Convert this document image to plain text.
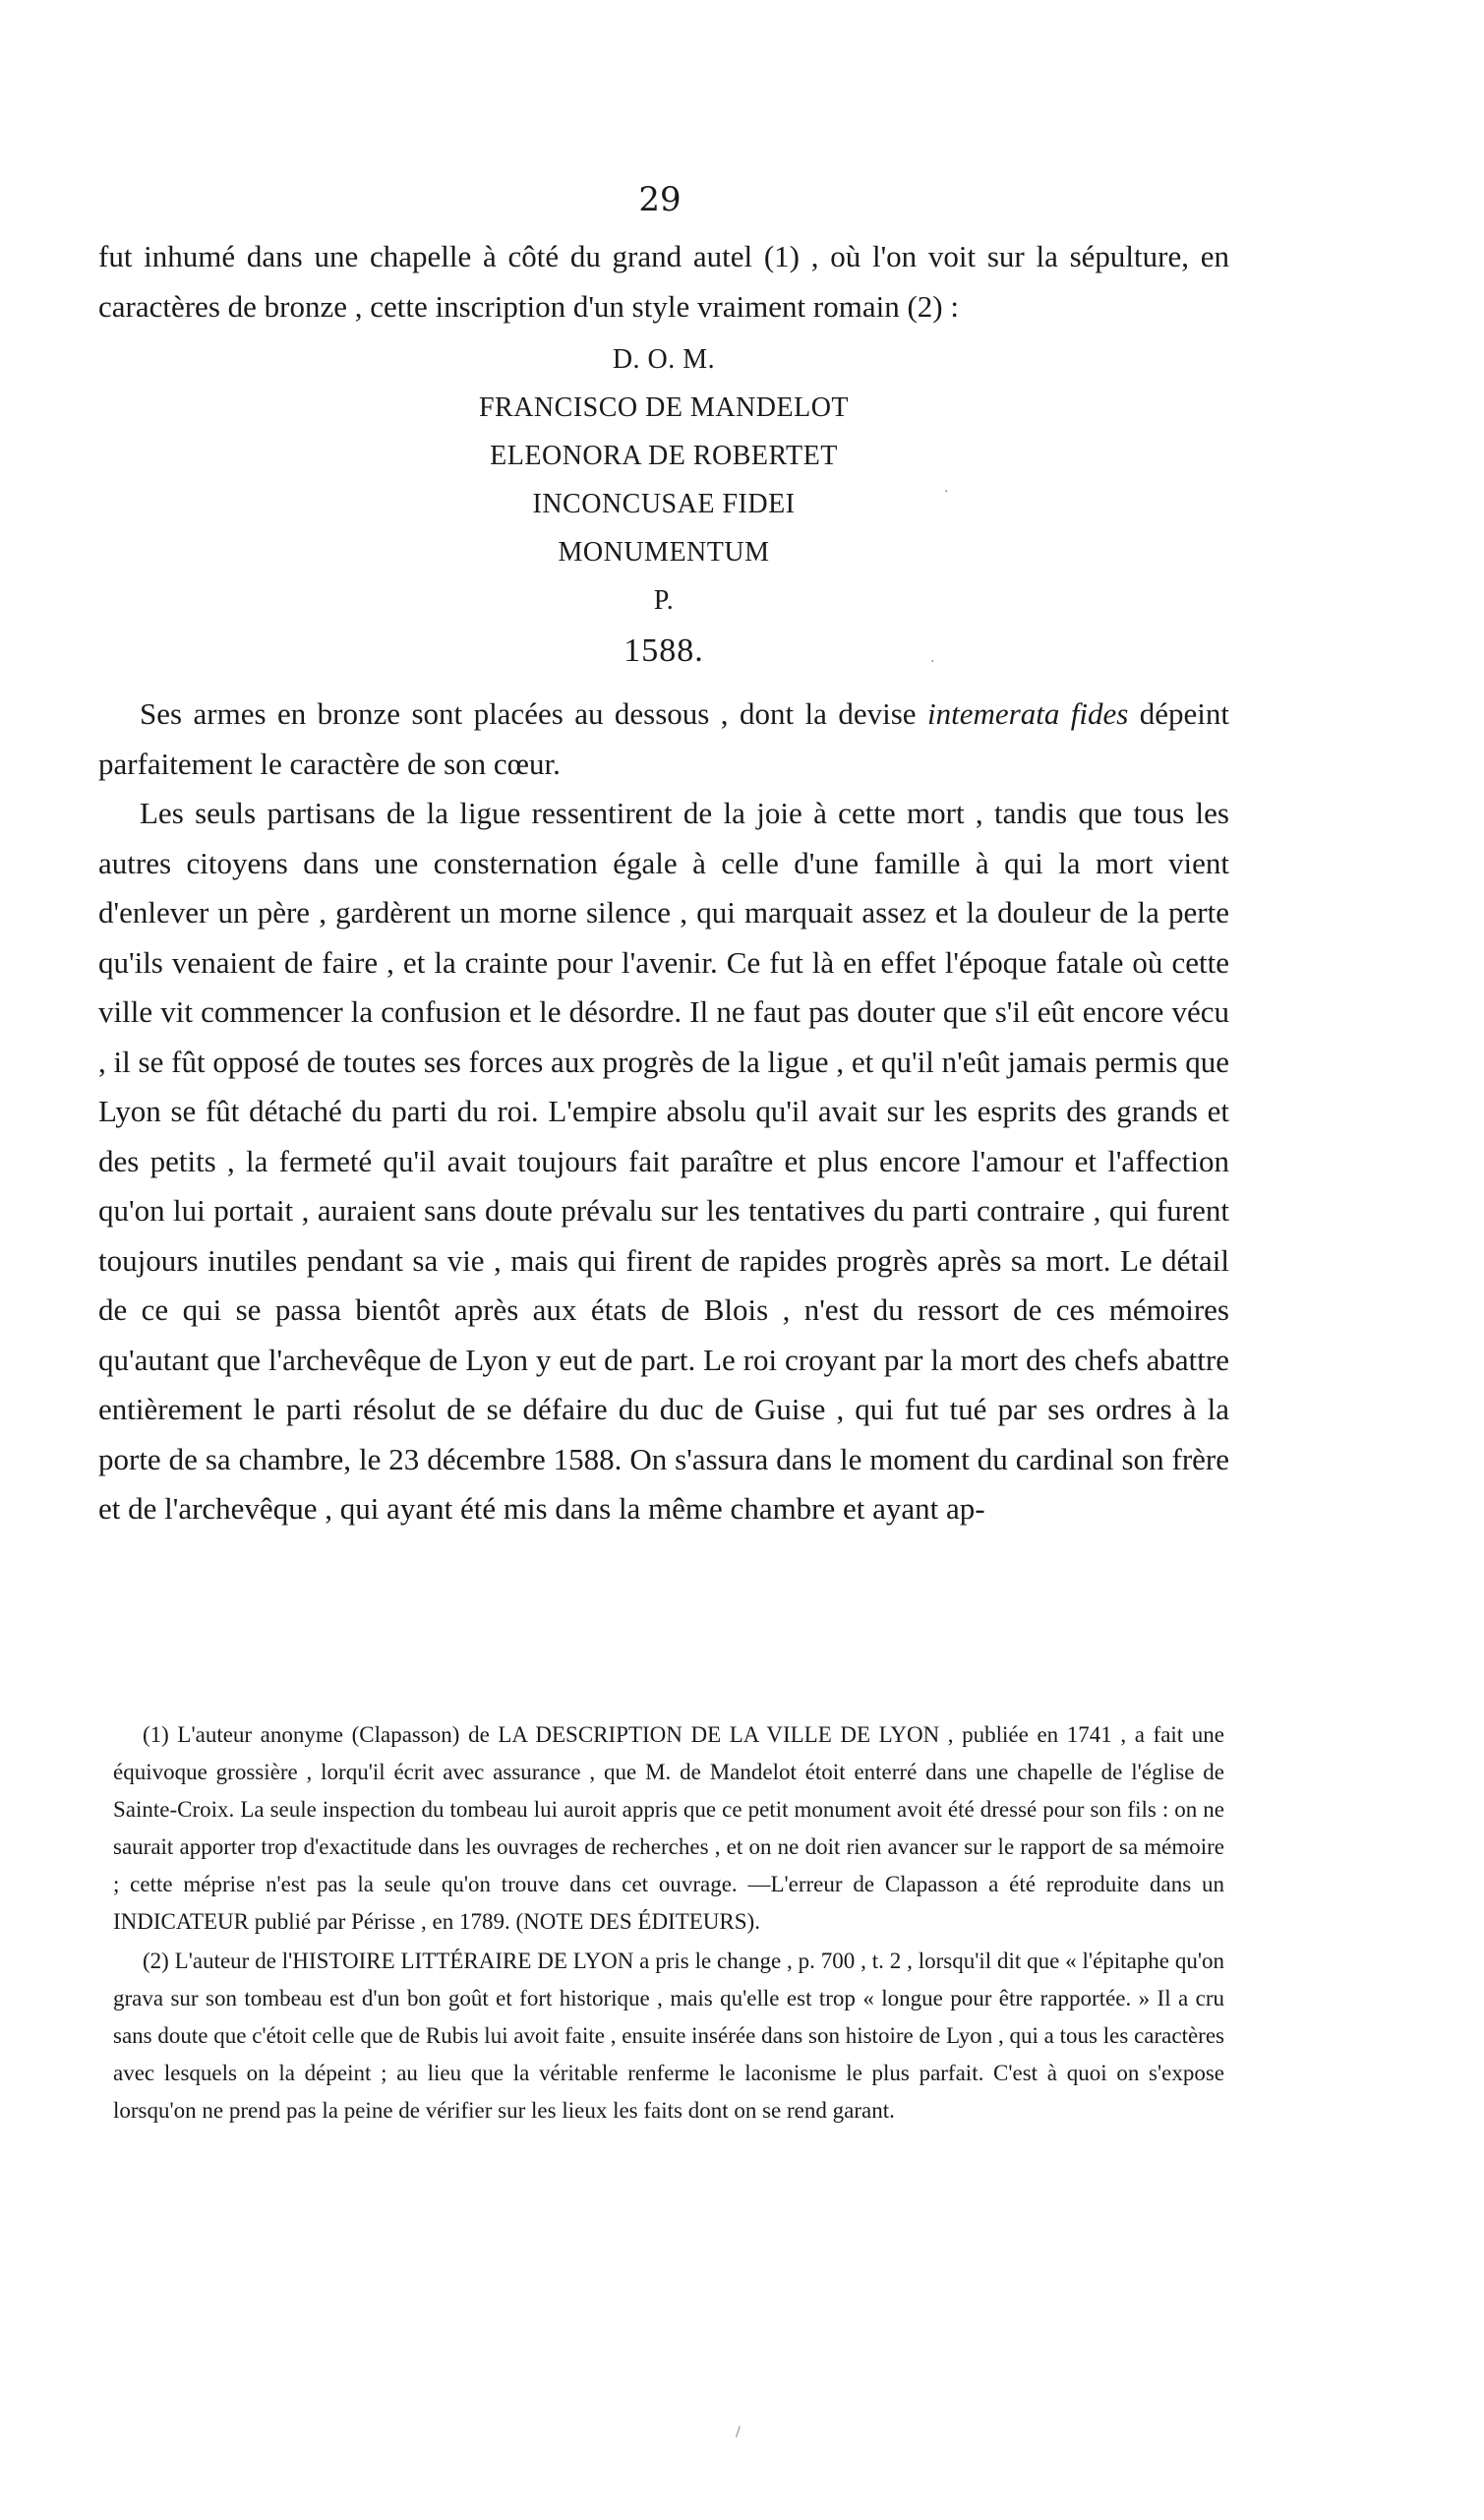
29

fut inhumé dans une chapelle à côté du grand autel (1) , où l'on voit sur la sépulture, en caractères de bronze , cette inscription d'un style vraiment romain (2) :

D. O. M.
FRANCISCO DE MANDELOT
ELEONORA DE ROBERTET
INCONCUSAE FIDEI
MONUMENTUM
P.
1588.

Ses armes en bronze sont placées au dessous , dont la devise intemerata fides dépeint parfaitement le caractère de son cœur.

Les seuls partisans de la ligue ressentirent de la joie à cette mort , tandis que tous les autres citoyens dans une consternation égale à celle d'une famille à qui la mort vient d'enlever un père , gardèrent un morne silence , qui marquait assez et la douleur de la perte qu'ils venaient de faire , et la crainte pour l'avenir. Ce fut là en effet l'époque fatale où cette ville vit commencer la confusion et le désordre. Il ne faut pas douter que s'il eût encore vécu , il se fût opposé de toutes ses forces aux progrès de la ligue , et qu'il n'eût jamais permis que Lyon se fût détaché du parti du roi. L'empire absolu qu'il avait sur les esprits des grands et des petits , la fermeté qu'il avait toujours fait paraître et plus encore l'amour et l'affection qu'on lui portait , auraient sans doute prévalu sur les tentatives du parti contraire , qui furent toujours inutiles pendant sa vie , mais qui firent de rapides progrès après sa mort. Le détail de ce qui se passa bientôt après aux états de Blois , n'est du ressort de ces mémoires qu'autant que l'archevêque de Lyon y eut de part. Le roi croyant par la mort des chefs abattre entièrement le parti résolut de se défaire du duc de Guise , qui fut tué par ses ordres à la porte de sa chambre, le 23 décembre 1588. On s'assura dans le moment du cardinal son frère et de l'archevêque , qui ayant été mis dans la même chambre et ayant ap-

(1) L'auteur anonyme (Clapasson) de LA DESCRIPTION DE LA VILLE DE LYON , publiée en 1741 , a fait une équivoque grossière , lorqu'il écrit avec assurance , que M. de Mandelot étoit enterré dans une chapelle de l'église de Sainte-Croix. La seule inspection du tombeau lui auroit appris que ce petit monument avoit été dressé pour son fils : on ne saurait apporter trop d'exactitude dans les ouvrages de recherches , et on ne doit rien avancer sur le rapport de sa mémoire ; cette méprise n'est pas la seule qu'on trouve dans cet ouvrage. —L'erreur de Clapasson a été reproduite dans un INDICATEUR publié par Périsse , en 1789. (NOTE DES ÉDITEURS).

(2) L'auteur de l'HISTOIRE LITTÉRAIRE DE LYON a pris le change , p. 700 , t. 2 , lorsqu'il dit que « l'épitaphe qu'on grava sur son tombeau est d'un bon goût et fort historique , mais qu'elle est trop « longue pour être rapportée. » Il a cru sans doute que c'étoit celle que de Rubis lui avoit faite , ensuite insérée dans son histoire de Lyon , qui a tous les caractères avec lesquels on la dépeint ; au lieu que la véritable renferme le laconisme le plus parfait. C'est à quoi on s'expose lorsqu'on ne prend pas la peine de vérifier sur les lieux les faits dont on se rend garant.

·
·
/
